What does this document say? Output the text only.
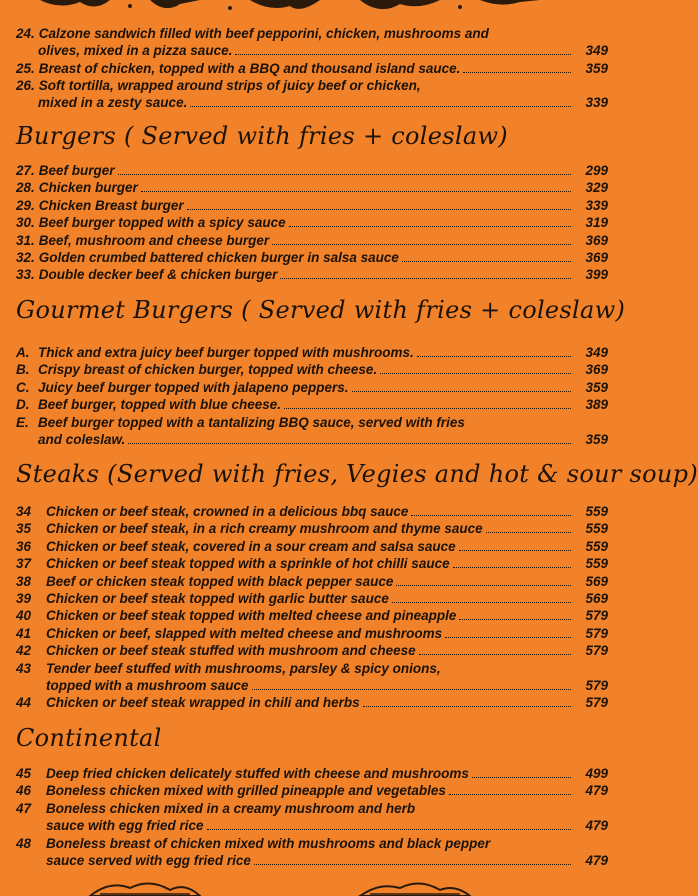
24. Calzone sandwich filled with beef pepporini, chicken, mushrooms and
olives, mixed in a pizza sauce.	349
25. Breast of chicken, topped with a BBQ and thousand island sauce.	359
26. Soft tortilla, wrapped around strips of juicy beef or chicken,
mixed in a zesty sauce.	339
Burgers ( Served with fries + coleslaw)
27. Beef burger	299
28. Chicken burger	329
29. Chicken Breast burger	339
30. Beef burger topped with a spicy sauce	319
31. Beef, mushroom and cheese burger	369
32. Golden crumbed battered chicken burger in salsa sauce	369
33. Double decker beef & chicken burger	399
Gourmet Burgers ( Served with fries + coleslaw)
A. Thick and extra juicy beef burger topped with mushrooms.	349
B. Crispy breast of chicken burger, topped with cheese.	369
C. Juicy beef burger topped with jalapeno peppers.	359
D. Beef burger, topped with blue cheese.	389
E. Beef burger topped with a tantalizing BBQ sauce, served with fries
and coleslaw.	359
Steaks (Served with fries, Vegies and hot & sour soup)
34	Chicken or beef steak, crowned in a delicious bbq sauce	559
35	Chicken or beef steak, in a rich creamy mushroom and thyme sauce	559
36	Chicken or beef steak, covered in a sour cream and salsa sauce	559
37	Chicken or beef steak topped with a sprinkle of hot chilli sauce	559
38	Beef or chicken steak topped with black pepper sauce	569
39	Chicken or beef steak topped with garlic butter sauce	569
40	Chicken or beef steak topped with melted cheese and pineapple	579
41	Chicken or beef, slapped with melted cheese and mushrooms	579
42	Chicken or beef steak stuffed with mushroom and cheese	579
43	Tender beef stuffed with mushrooms, parsley & spicy onions,
topped with a mushroom sauce	579
44	Chicken or beef steak wrapped in chili and herbs	579
Continental
45	Deep fried chicken delicately stuffed with cheese and mushrooms	499
46	Boneless chicken mixed with grilled pineapple and vegetables	479
47	Boneless chicken mixed in a creamy mushroom and herb
sauce with egg fried rice	479
48	Boneless breast of chicken mixed with mushrooms and black pepper
sauce served with egg fried rice	479
